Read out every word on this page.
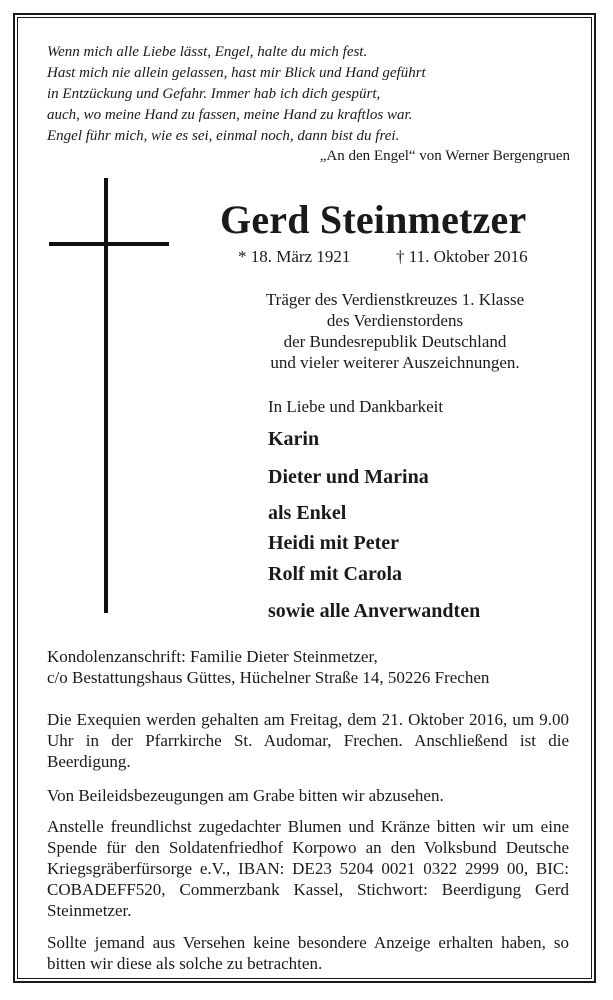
Wenn mich alle Liebe lässt, Engel, halte du mich fest.
Hast mich nie allein gelassen, hast mir Blick und Hand geführt
in Entzückung und Gefahr. Immer hab ich dich gespürt,
auch, wo meine Hand zu fassen, meine Hand zu kraftlos war.
Engel führ mich, wie es sei, einmal noch, dann bist du frei.
„An den Engel“ von Werner Bergengruen
Gerd Steinmetzer
* 18. März 1921	† 11. Oktober 2016
Träger des Verdienstkreuzes 1. Klasse
des Verdienstordens
der Bundesrepublik Deutschland
und vieler weiterer Auszeichnungen.
In Liebe und Dankbarkeit
Karin
Dieter und Marina
als Enkel
Heidi mit Peter
Rolf mit Carola
sowie alle Anverwandten
Kondolenzanschrift: Familie Dieter Steinmetzer,
c/o Bestattungshaus Güttes, Hüchelner Straße 14, 50226 Frechen
Die Exequien werden gehalten am Freitag, dem 21. Oktober 2016, um 9.00 Uhr in der Pfarrkirche St. Audomar, Frechen. Anschließend ist die Beerdigung.
Von Beileidsbezeugungen am Grabe bitten wir abzusehen.
Anstelle freundlichst zugedachter Blumen und Kränze bitten wir um eine Spende für den Soldatenfriedhof Korpowo an den Volksbund Deutsche Kriegsgräberfürsorge e.V., IBAN: DE23 5204 0021 0322 2999 00, BIC: COBADEFF520, Commerzbank Kassel, Stichwort: Beerdigung Gerd Steinmetzer.
Sollte jemand aus Versehen keine besondere Anzeige erhalten haben, so bitten wir diese als solche zu betrachten.
